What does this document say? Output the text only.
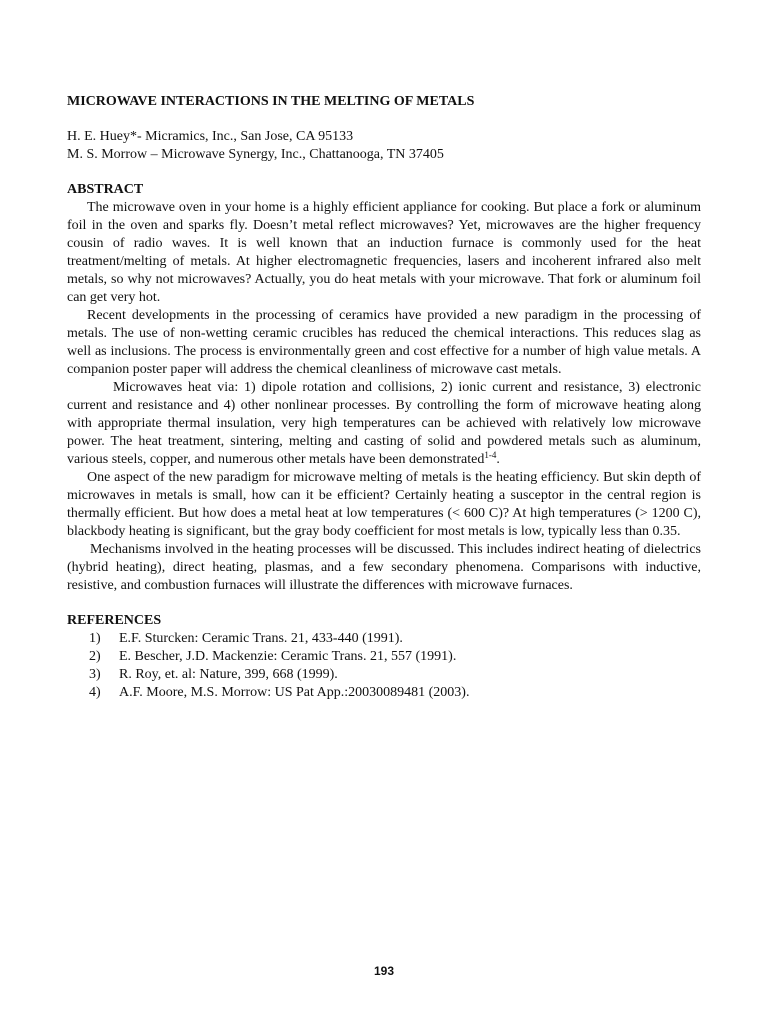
MICROWAVE INTERACTIONS IN THE MELTING OF METALS
H. E. Huey*- Micramics, Inc., San Jose, CA 95133
M. S. Morrow – Microwave Synergy, Inc., Chattanooga, TN 37405
ABSTRACT

The microwave oven in your home is a highly efficient appliance for cooking. But place a fork or aluminum foil in the oven and sparks fly. Doesn’t metal reflect microwaves? Yet, microwaves are the higher frequency cousin of radio waves. It is well known that an induction furnace is commonly used for the heat treatment/melting of metals. At higher electromagnetic frequencies, lasers and incoherent infrared also melt metals, so why not microwaves? Actually, you do heat metals with your microwave. That fork or aluminum foil can get very hot.

Recent developments in the processing of ceramics have provided a new paradigm in the processing of metals. The use of non-wetting ceramic crucibles has reduced the chemical interactions. This reduces slag as well as inclusions. The process is environmentally green and cost effective for a number of high value metals. A companion poster paper will address the chemical cleanliness of microwave cast metals.

Microwaves heat via: 1) dipole rotation and collisions, 2) ionic current and resistance, 3) electronic current and resistance and 4) other nonlinear processes. By controlling the form of microwave heating along with appropriate thermal insulation, very high temperatures can be achieved with relatively low microwave power. The heat treatment, sintering, melting and casting of solid and powdered metals such as aluminum, various steels, copper, and numerous other metals have been demonstrated$^{1-4}$.

One aspect of the new paradigm for microwave melting of metals is the heating efficiency. But skin depth of microwaves in metals is small, how can it be efficient? Certainly heating a susceptor in the central region is thermally efficient. But how does a metal heat at low temperatures (< 600 C)? At high temperatures (> 1200 C), blackbody heating is significant, but the gray body coefficient for most metals is low, typically less than 0.35.

Mechanisms involved in the heating processes will be discussed. This includes indirect heating of dielectrics (hybrid heating), direct heating, plasmas, and a few secondary phenomena. Comparisons with inductive, resistive, and combustion furnaces will illustrate the differences with microwave furnaces.

REFERENCES
1)	E.F. Sturcken: Ceramic Trans. 21, 433-440 (1991).
2)	E. Bescher, J.D. Mackenzie: Ceramic Trans. 21, 557 (1991).
3)	R. Roy, et. al: Nature, 399, 668 (1999).
4)	A.F. Moore, M.S. Morrow: US Pat App.:20030089481 (2003).
193
